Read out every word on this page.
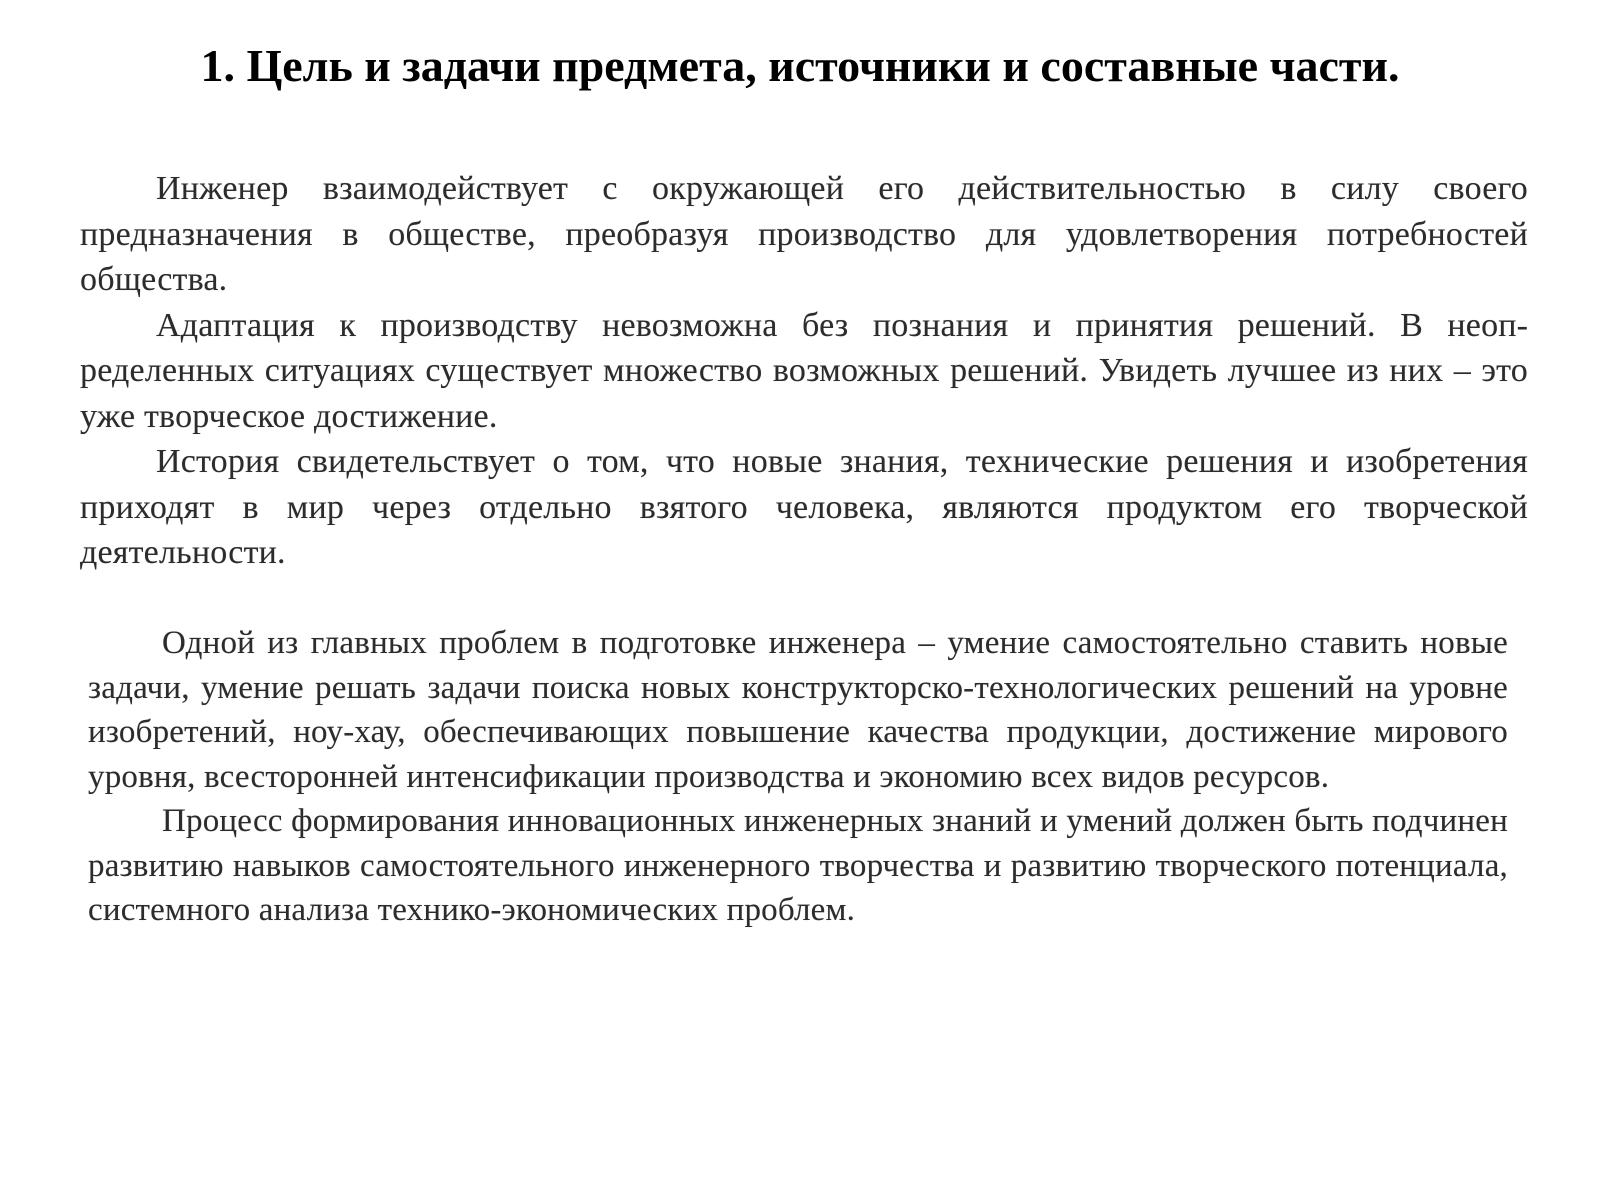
1. Цель и задачи предмета, источники и составные части.

Инженер взаимодействует с окружающей его действительностью в силу своего предназначения в обществе, преобразуя производство для удовлетворения потребностей общества.

Адаптация к производству невозможна без познания и принятия решений. В неопределенных ситуациях существует множество возможных решений. Увидеть лучшее из них – это уже творческое достижение.

История свидетельствует о том, что новые знания, технические решения и изобретения приходят в мир через отдельно взятого человека, являются продуктом его творческой деятельности.

Одной из главных проблем в подготовке инженера – умение самостоятельно ставить новые задачи, умение решать задачи поиска новых конструкторско-технологических решений на уровне изобретений, ноу-хау, обеспечивающих повышение качества продукции, достижение мирового уровня, всесторонней интенсификации производства и экономию всех видов ресурсов.

Процесс формирования инновационных инженерных знаний и умений должен быть подчинен развитию навыков самостоятельного инженерного творчества и развитию творческого потенциала, системного анализа технико-экономических проблем.
